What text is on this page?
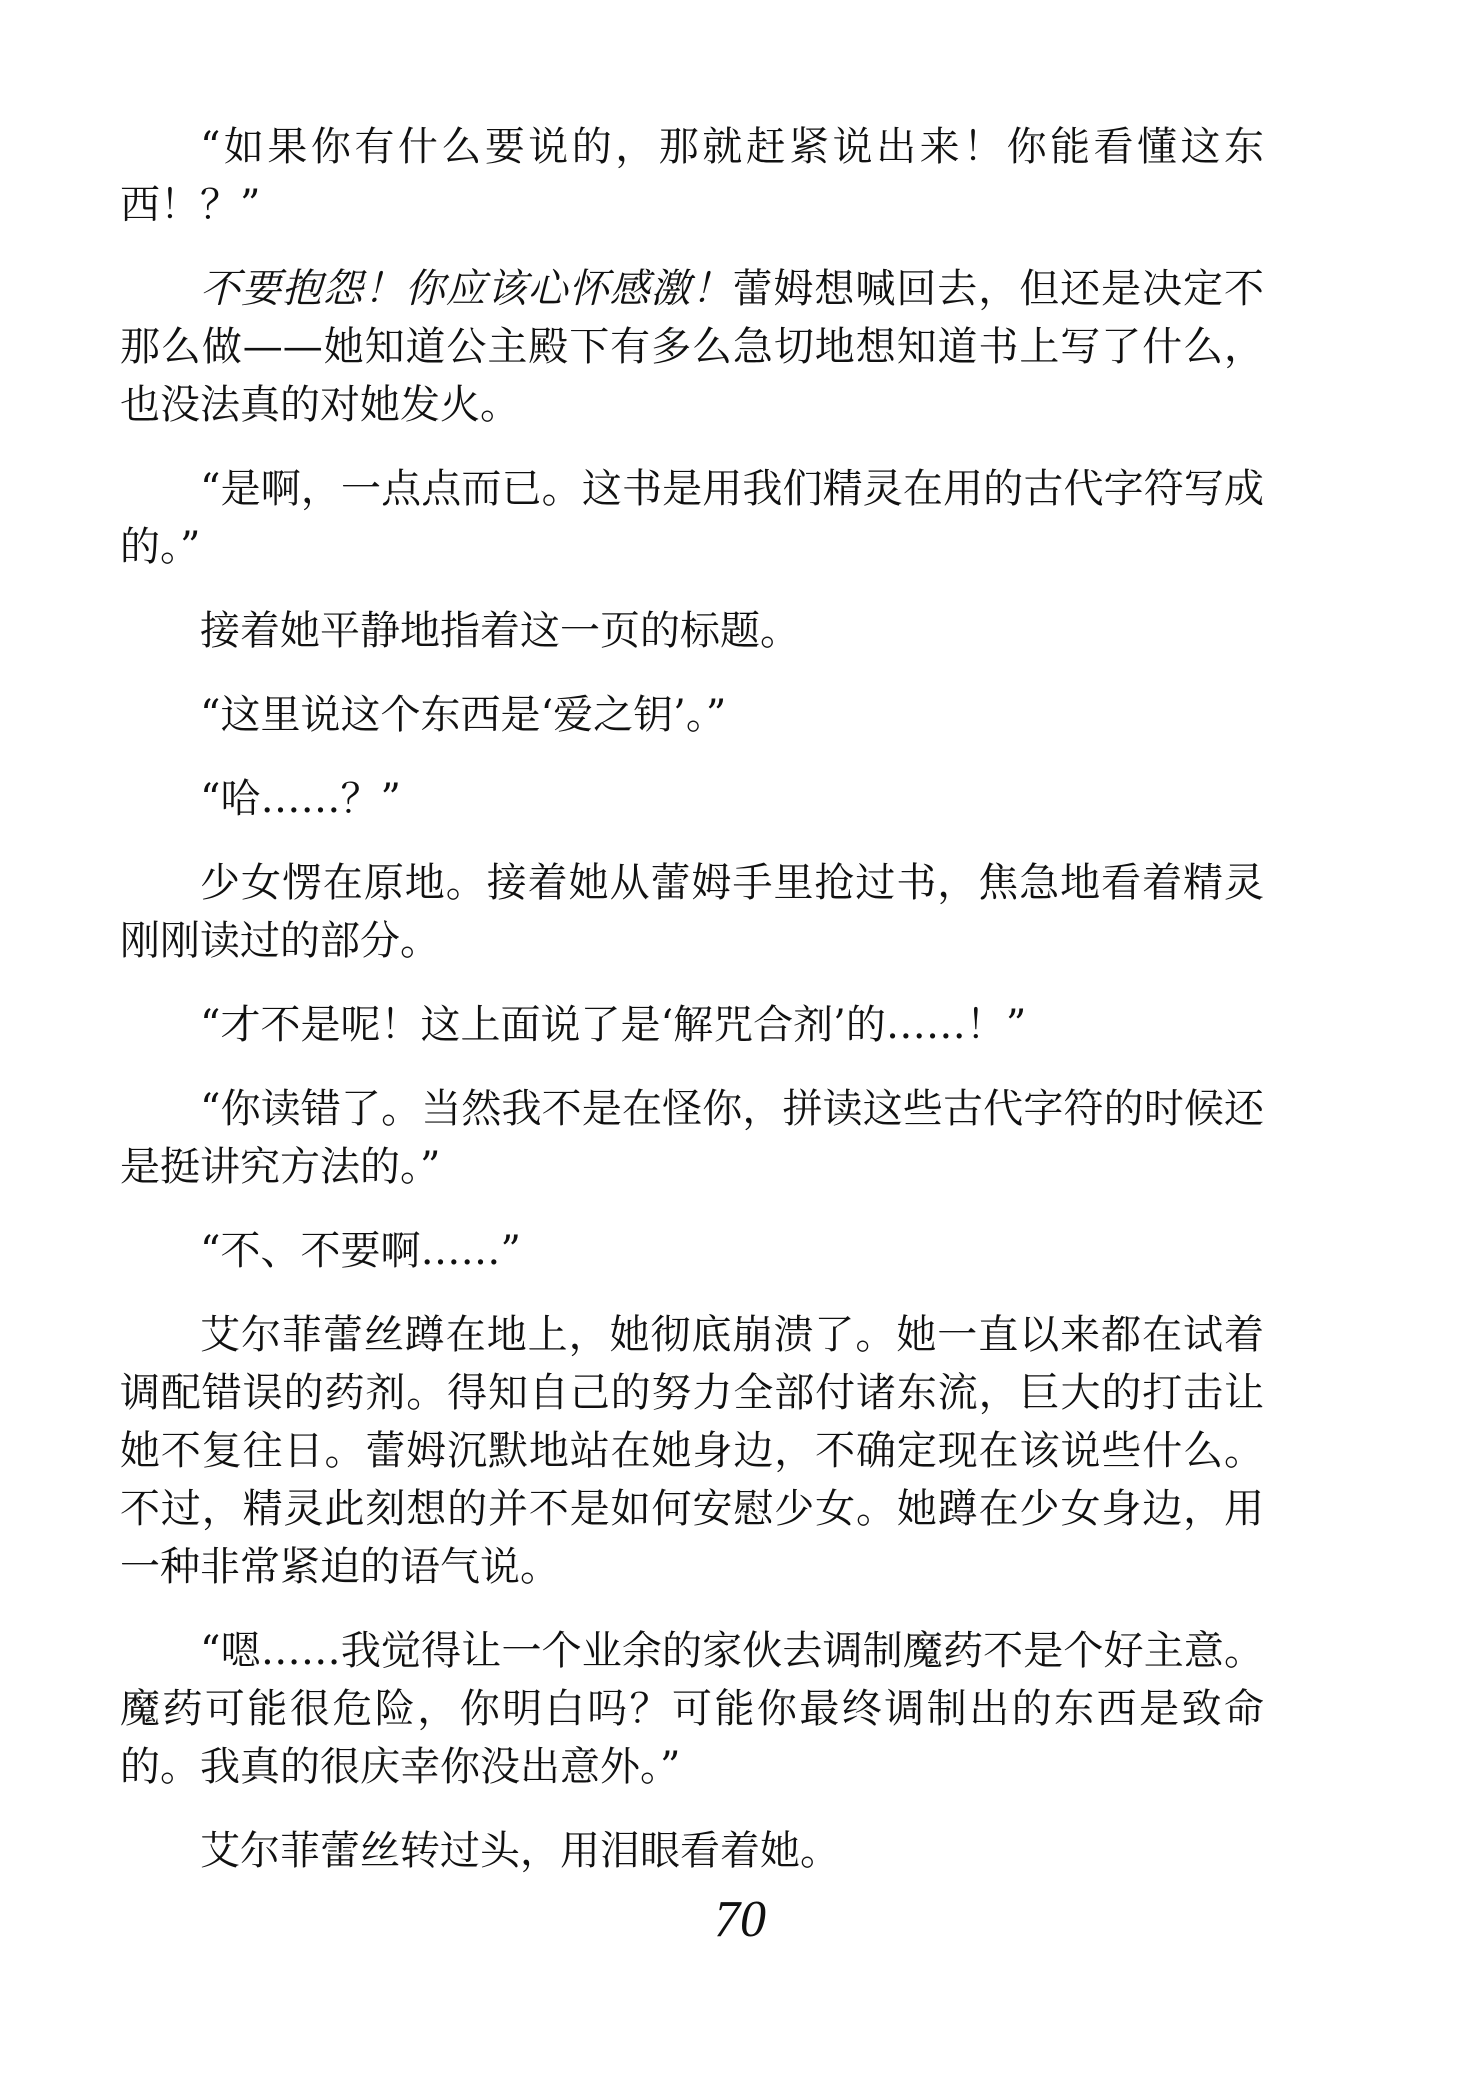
“如果你有什么要说的，那就赶紧说出来！你能看懂这东西！？”

不要抱怨！你应该心怀感激！蕾姆想喊回去，但还是决定不那么做——她知道公主殿下有多么急切地想知道书上写了什么，也没法真的对她发火。

“是啊，一点点而已。这书是用我们精灵在用的古代字符写成的。”

接着她平静地指着这一页的标题。

“这里说这个东西是‘爱之钥’。”

“哈……？”

少女愣在原地。接着她从蕾姆手里抢过书，焦急地看着精灵刚刚读过的部分。

“才不是呢！这上面说了是‘解咒合剂’的……！”

“你读错了。当然我不是在怪你，拼读这些古代字符的时候还是挺讲究方法的。”

“不、不要啊……”

艾尔菲蕾丝蹲在地上，她彻底崩溃了。她一直以来都在试着调配错误的药剂。得知自己的努力全部付诸东流，巨大的打击让她不复往日。蕾姆沉默地站在她身边，不确定现在该说些什么。不过，精灵此刻想的并不是如何安慰少女。她蹲在少女身边，用一种非常紧迫的语气说。

“嗯……我觉得让一个业余的家伙去调制魔药不是个好主意。魔药可能很危险，你明白吗？可能你最终调制出的东西是致命的。我真的很庆幸你没出意外。”

艾尔菲蕾丝转过头，用泪眼看着她。

70
